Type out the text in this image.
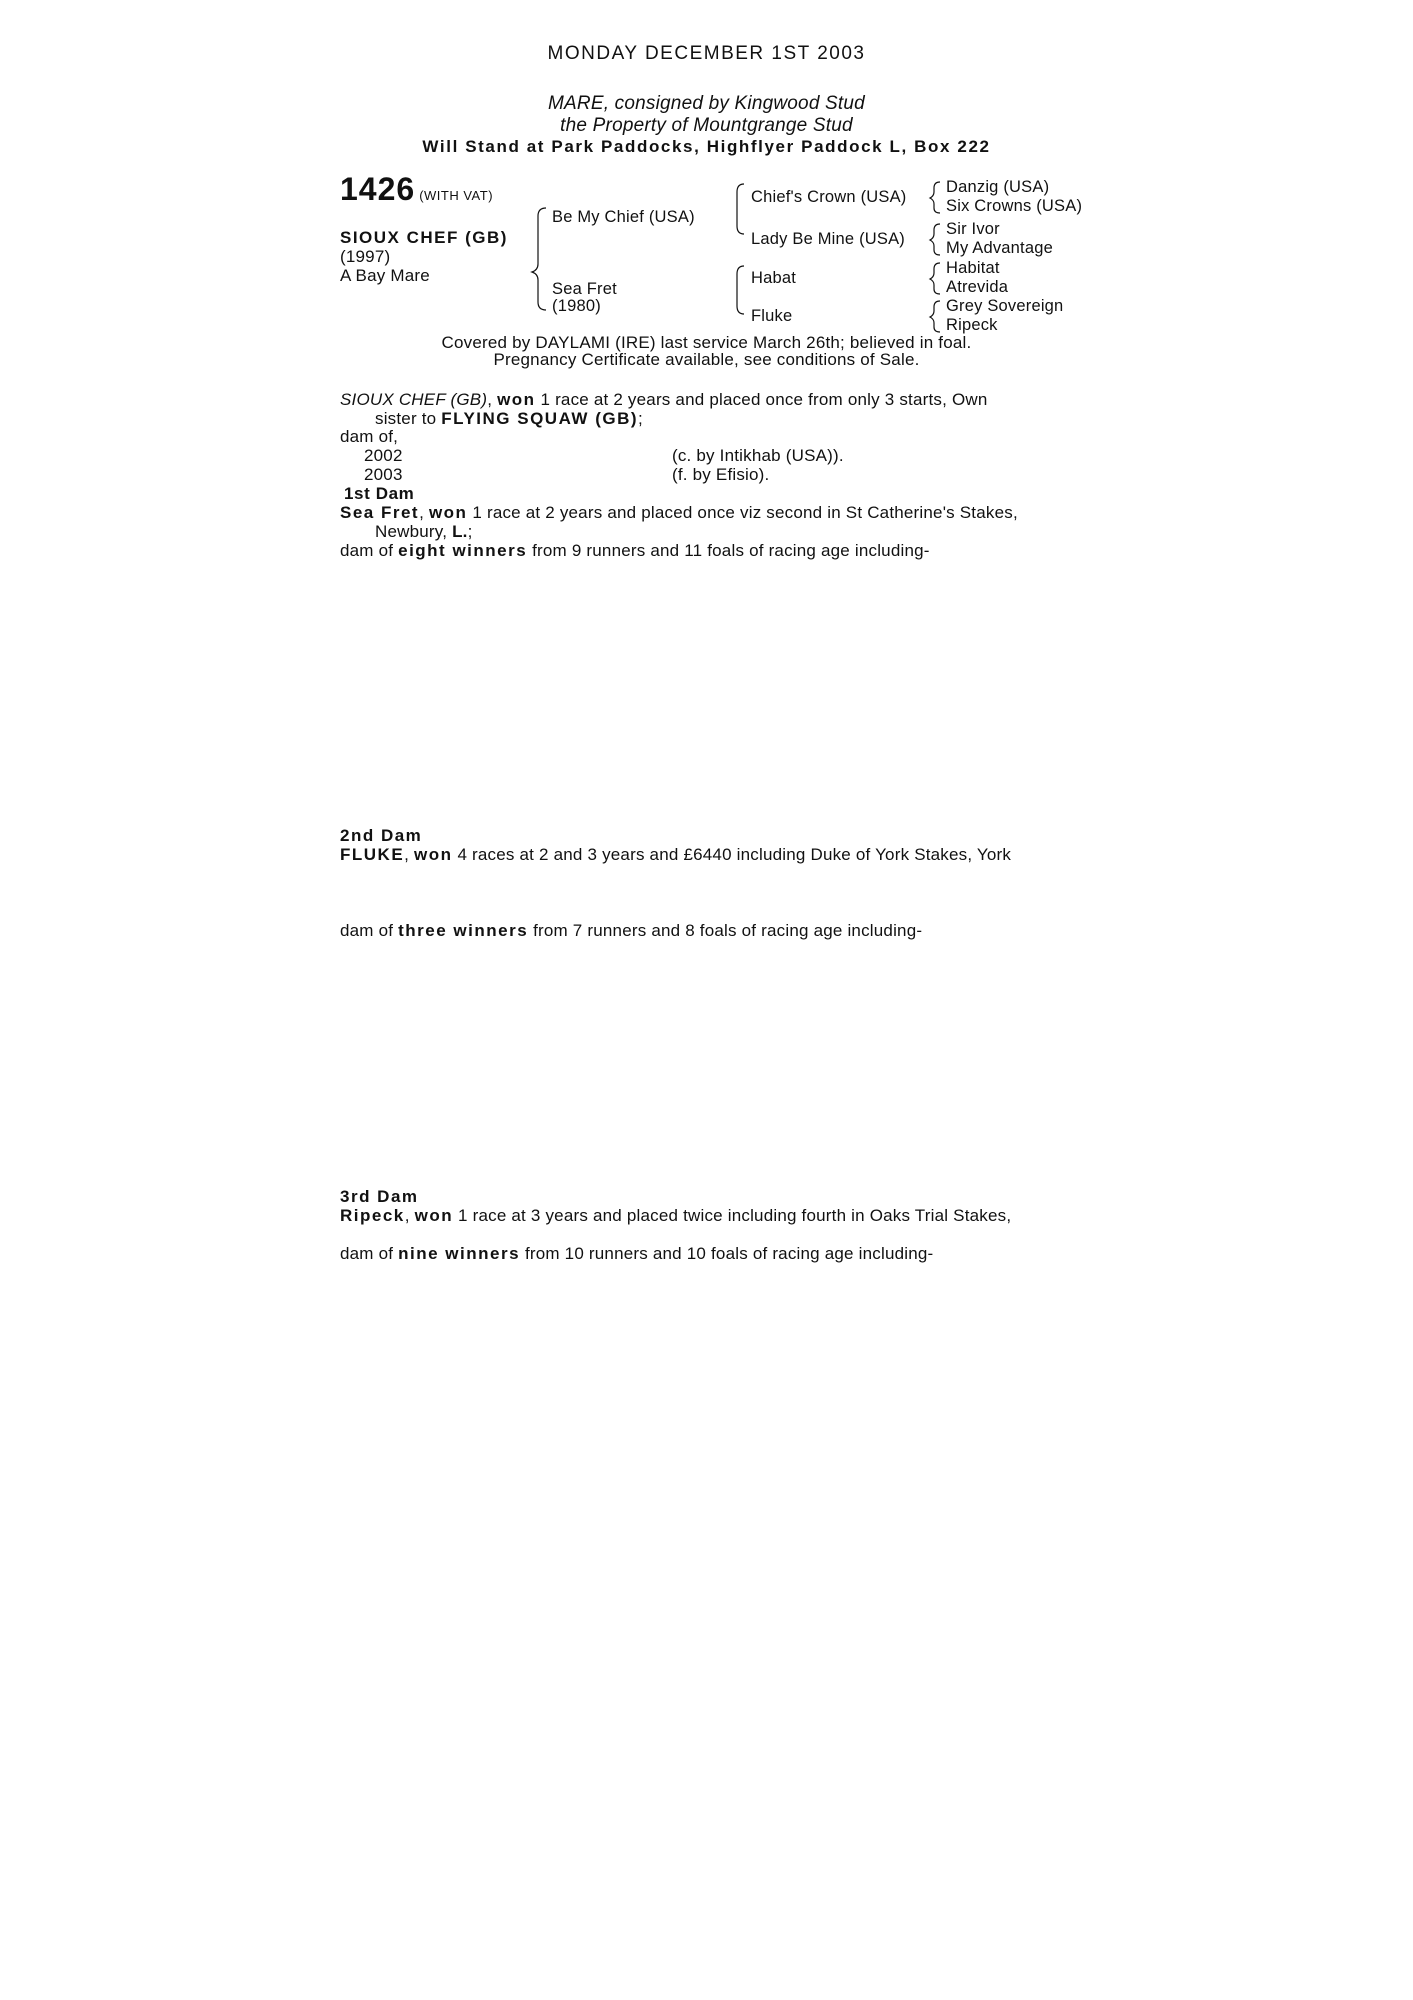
MONDAY DECEMBER 1ST 2003
MARE, consigned by Kingwood Stud
the Property of Mountgrange Stud
Will Stand at Park Paddocks, Highflyer Paddock L, Box 222
1426 (WITH VAT)
SIOUX CHEF (GB)
(1997)
A Bay Mare
Be My Chief (USA)
Sea Fret
(1980)
Chief's Crown (USA)
Lady Be Mine (USA)
Habat
Fluke
Danzig (USA)
Six Crowns (USA)
Sir Ivor
My Advantage
Habitat
Atrevida
Grey Sovereign
Ripeck
Covered by DAYLAMI (IRE) last service March 26th; believed in foal.
Pregnancy Certificate available, see conditions of Sale.
SIOUX CHEF (GB), won 1 race at 2 years and placed once from only 3 starts, Own
sister to FLYING SQUAW (GB);
dam of,
2002	(c. by Intikhab (USA)).
2003	(f. by Efisio).
1st Dam
Sea Fret, won 1 race at 2 years and placed once viz second in St Catherine's Stakes,
Newbury, L.;
dam of eight winners from 9 runners and 11 foals of racing age including-
2nd Dam
FLUKE, won 4 races at 2 and 3 years and £6440 including Duke of York Stakes, York
dam of three winners from 7 runners and 8 foals of racing age including-
3rd Dam
Ripeck, won 1 race at 3 years and placed twice including fourth in Oaks Trial Stakes,
dam of nine winners from 10 runners and 10 foals of racing age including-
